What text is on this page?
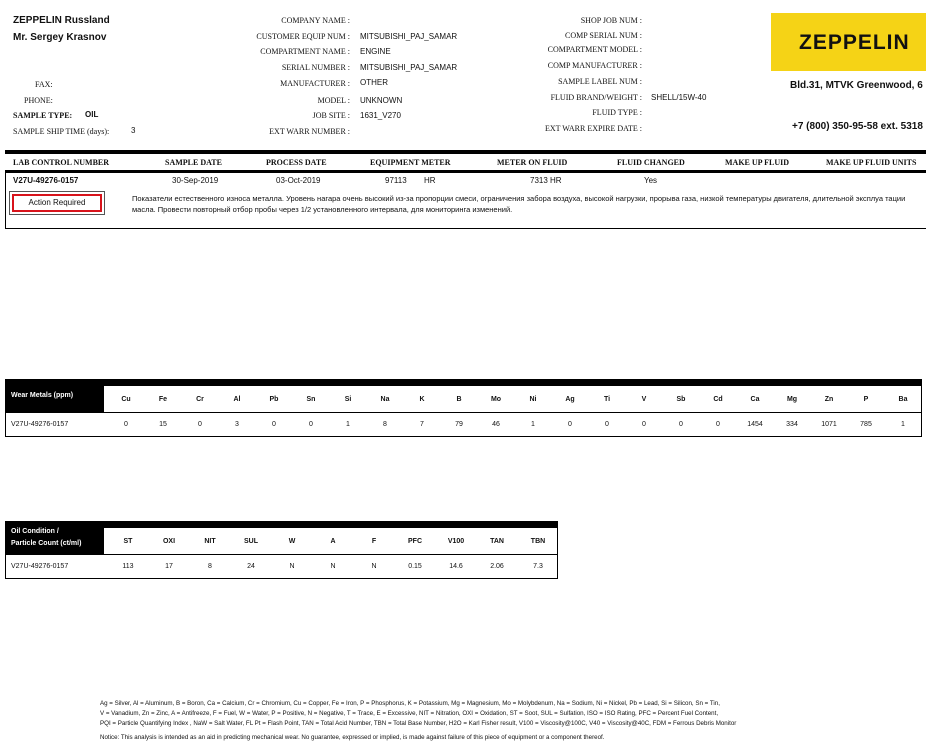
ZEPPELIN Russland
Mr. Sergey Krasnov
FAX:
PHONE:
SAMPLE TYPE: OIL
SAMPLE SHIP TIME (days):	3
COMPANY NAME :
CUSTOMER EQUIP NUM : MITSUBISHI_PAJ_SAMAR
COMPARTMENT NAME : ENGINE
SERIAL NUMBER : MITSUBISHI_PAJ_SAMAR
MANUFACTURER : OTHER
MODEL : UNKNOWN
JOB SITE : 1631_V270
EXT WARR NUMBER :
SHOP JOB NUM :
COMP SERIAL NUM :
COMPARTMENT MODEL :
COMP MANUFACTURER :
SAMPLE LABEL NUM :
FLUID BRAND/WEIGHT : SHELL/15W-40
FLUID TYPE :
EXT WARR EXPIRE DATE :
ZEPPELIN
Bld.31, MTVK Greenwood, 6
+7 (800) 350-95-58 ext. 5318
LAB CONTROL NUMBER	SAMPLE DATE	PROCESS DATE	EQUIPMENT METER	METER ON FLUID	FLUID CHANGED	MAKE UP FLUID	MAKE UP FLUID UNITS
V27U-49276-0157	30-Sep-2019	03-Oct-2019	97113 HR	7313 HR	Yes
Action Required	Показатели естественного износа металла. Уровень нагара очень высокий из-за пропорции смеси, ограничения забора воздуха, высокой нагрузки, прорыва газа, низкой температуры двигателя, длительной эксплуа тации масла. Провести повторный отбор пробы через 1/2 установленного интервала, для мониторинга изменений.
Wear Metals (ppm)
Cu	Fe	Cr	Al	Pb	Sn	Si	Na	K	B	Mo	Ni	Ag	Ti	V	Sb	Cd	Ca	Mg	Zn	P	Ba
V27U-49276-0157	0	15	0	3	0	0	1	8	7	79	46	1	0	0	0	0	0	1454	334	1071	785	1
Oil Condition /
Particle Count (ct/ml)	ST	OXI	NIT	SUL	W	A	F	PFC	V100	TAN	TBN
V27U-49276-0157	113	17	8	24	N	N	N	0.15	14.6	2.06	7.3
Ag = Silver, Al = Aluminum, B = Boron, Ca = Calcium, Cr = Chromium, Cu = Copper, Fe = Iron, P = Phosphorus, K = Potassium, Mg = Magnesium, Mo = Molybdenum, Na = Sodium, Ni = Nickel, Pb = Lead, Si = Silicon, Sn = Tin,
V = Vanadium, Zn = Zinc, A = Antifreeze, F = Fuel, W = Water, P = Positive, N = Negative, T = Trace, E = Excessive, NIT = Nitration, OXI = Oxidation, ST = Soot, SUL = Sulfation, ISO = ISO Rating, PFC = Percent Fuel Content,
PQI = Particle Quantifying Index , NaW = Salt Water, FL Pt = Flash Point, TAN = Total Acid Number, TBN = Total Base Number, H2O = Karl Fisher result, V100 = Viscosity@100C, V40 = Viscosity@40C, FDM = Ferrous Debris Monitor
Notice: This analysis is intended as an aid in predicting mechanical wear. No guarantee, expressed or implied, is made against failure of this piece of equipment or a component thereof.
